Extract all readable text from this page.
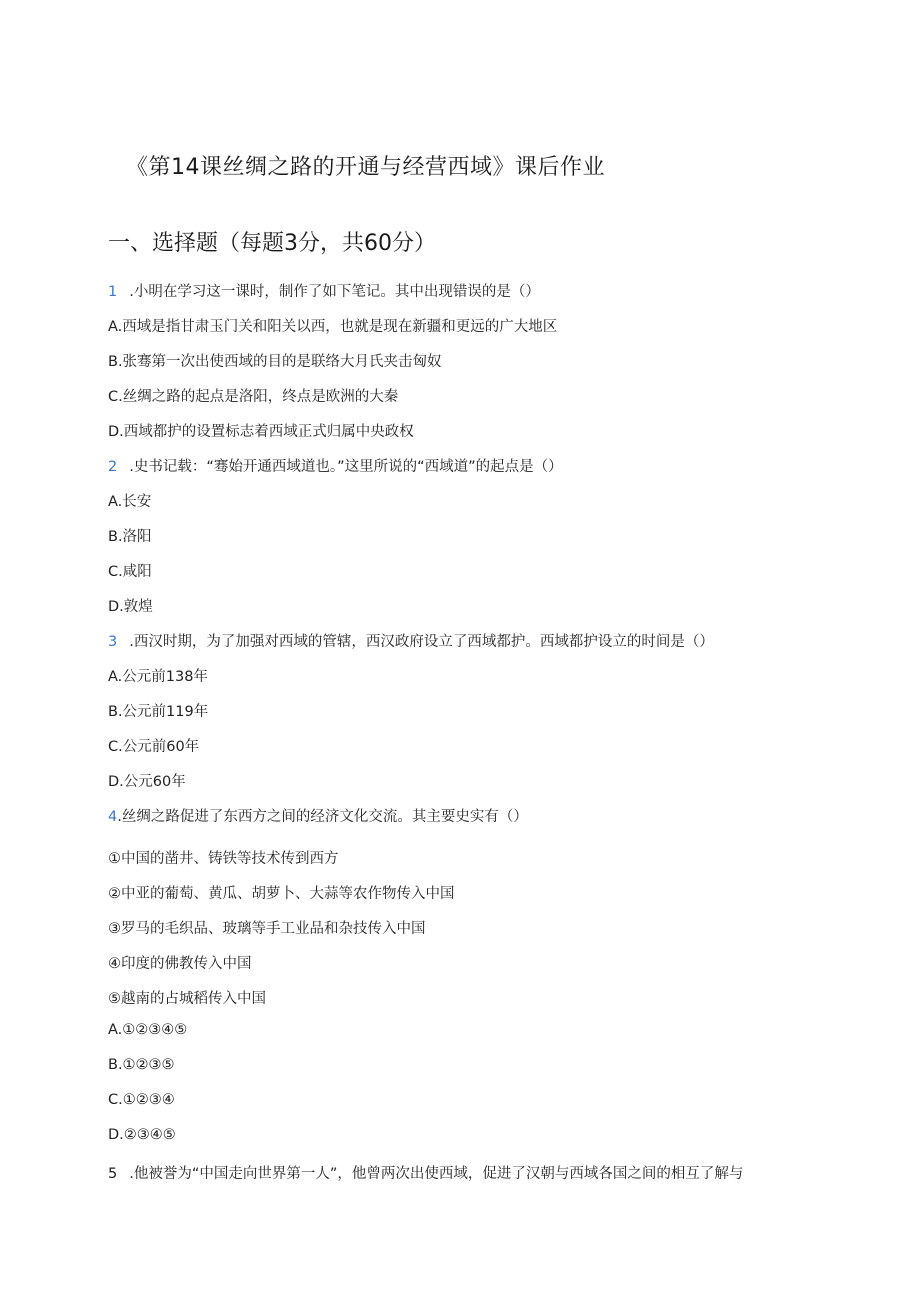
《第14课丝绸之路的开通与经营西域》课后作业
一、选择题（每题3分，共60分）
1 .小明在学习这一课时，制作了如下笔记。其中出现错误的是（）
A.西域是指甘肃玉门关和阳关以西，也就是现在新疆和更远的广大地区
B.张骞第一次出使西域的目的是联络大月氏夹击匈奴
C.丝绸之路的起点是洛阳，终点是欧洲的大秦
D.西域都护的设置标志着西域正式归属中央政权
2 .史书记载：“骞始开通西域道也。”这里所说的“西域道”的起点是（）
A.长安
B.洛阳
C.咸阳
D.敦煌
3 .西汉时期，为了加强对西域的管辖，西汉政府设立了西域都护。西域都护设立的时间是（）
A.公元前138年
B.公元前119年
C.公元前60年
D.公元60年
4.丝绸之路促进了东西方之间的经济文化交流。其主要史实有（）
①中国的凿井、铸铁等技术传到西方
②中亚的葡萄、黄瓜、胡萝卜、大蒜等农作物传入中国
③罗马的毛织品、玻璃等手工业品和杂技传入中国
④印度的佛教传入中国
⑤越南的占城稻传入中国
A.①②③④⑤
B.①②③⑤
C.①②③④
D.②③④⑤
5 .他被誉为“中国走向世界第一人”，他曾两次出使西域，促进了汉朝与西域各国之间的相互了解与
